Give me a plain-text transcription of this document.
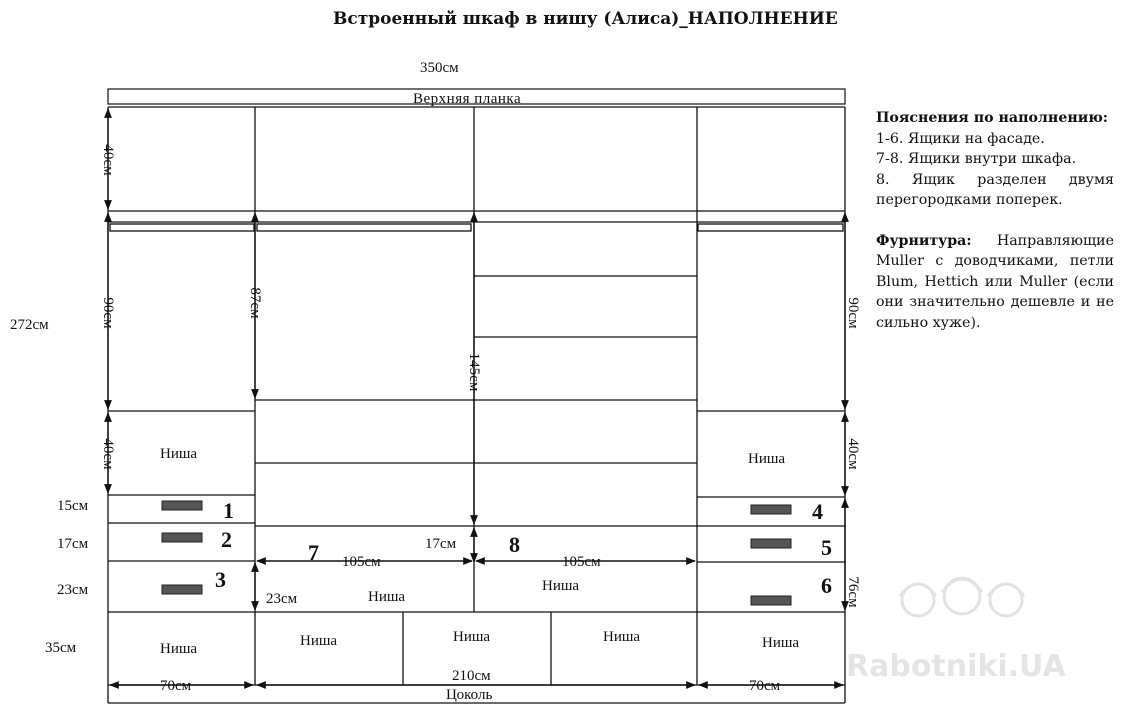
Rabotniki.UA
Встроенный шкаф в нишу (Алиса)_НАПОЛНЕНИЕ
350см
Верхняя планка
1
2
3
4
5
6
7	8
Ниша	Ниша
Ниша
Ниша
Ниша	Ниша	Ниша	Ниша	Ниша
40см
90см
40см
87см
145см
90см
40см
76см
272см
15см
17см
23см
35см
17см
23см
105см	105см
70см
210см
70см
Цоколь

Пояснения по наполнению:

1-6. Ящики на фасаде.

7-8. Ящики внутри шкафа.

8. Ящик разделен двумя перегородками поперек.

Фурнитура: Направляющие Muller с доводчиками, петли Blum, Hettich или Muller (если они значительно дешевле и не сильно хуже).
